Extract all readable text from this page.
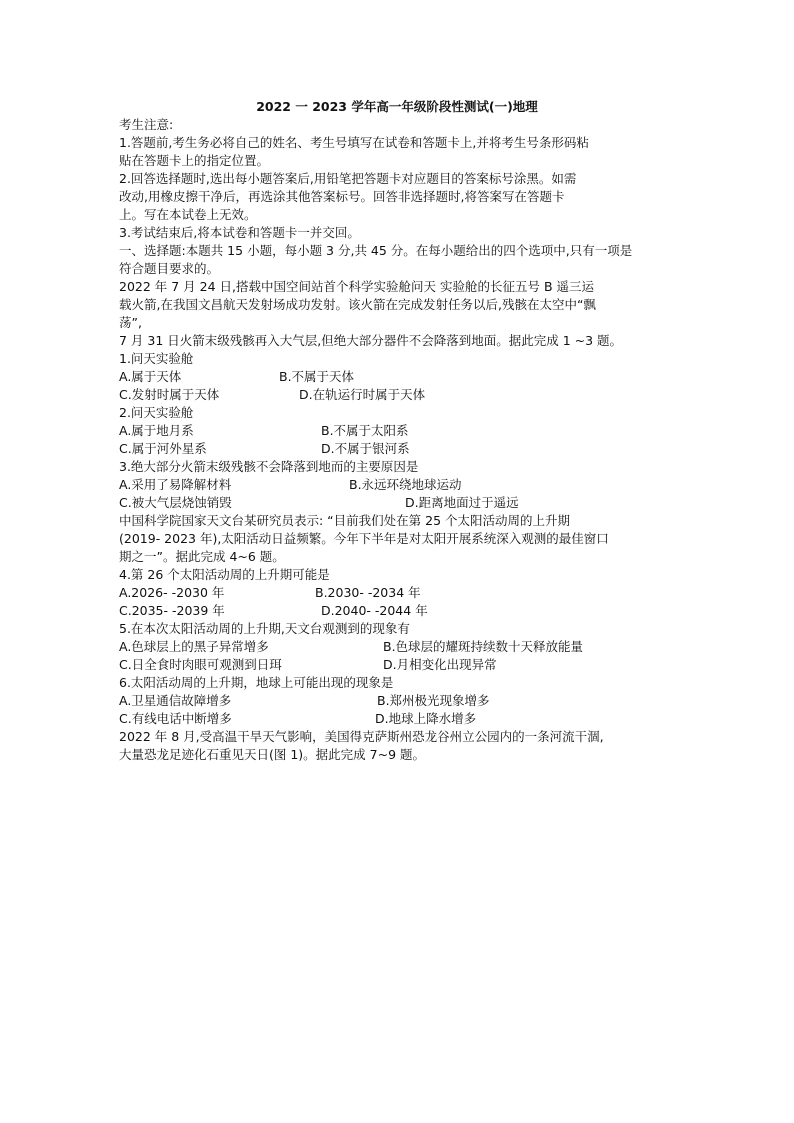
2022 一 2023 学年高一年级阶段性测试(一)地理
考生注意:
1.答题前,考生务必将自己的姓名、考生号填写在试卷和答题卡上,并将考生号条形码粘
贴在答题卡上的指定位置。
2.回答选择题时,选出每小题答案后,用铅笔把答题卡对应题目的答案标号涂黑。如需
改动,用橡皮擦干净后，再选涂其他答案标号。回答非选择题时,将答案写在答题卡
上。写在本试卷上无效。
3.考试结束后,将本试卷和答题卡一并交回。
一、选择题:本题共 15 小题，每小题 3 分,共 45 分。在每小题给出的四个选项中,只有一项是
符合题目要求的。
2022 年 7 月 24 日,搭载中国空间站首个科学实验舱问天 实验舱的长征五号 B 遥三运
载火箭,在我国文昌航天发射场成功发射。该火箭在完成发射任务以后,残骸在太空中“飘
荡”,
7 月 31 日火箭末级残骸再入大气层,但绝大部分器件不会降落到地面。据此完成 1 ~3 题。
1.问天实验舱
A.属于天体	B.不属于天体
C.发射时属于天体	D.在轨运行时属于天体
2.问天实验舱
A.属于地月系	B.不属于太阳系
C.属于河外星系	D.不属于银河系
3.绝大部分火箭末级残骸不会降落到地而的主要原因是
A.采用了易降解材料	B.永远环绕地球运动
C.被大气层烧蚀销毁	D.距离地面过于遥远
中国科学院国家天文台某研究员表示: “目前我们处在第 25 个太阳活动周的上升期
(2019- 2023 年),太阳活动日益频繁。今年下半年是对太阳开展系统深入观测的最佳窗口
期之一”。据此完成 4~6 题。
4.第 26 个太阳活动周的上升期可能是
A.2026- -2030 年	B.2030- -2034 年
C.2035- -2039 年	D.2040- -2044 年
5.在本次太阳活动周的上升期,天文台观测到的现象有
A.色球层上的黑子异常增多	B.色球层的耀斑持续数十天释放能量
C.日全食时肉眼可观测到日珥	D.月相变化出现异常
6.太阳活动周的上升期，地球上可能出现的现象是
A.卫星通信故障增多	B.郑州极光现象增多
C.有线电话中断增多	D.地球上降水增多
2022 年 8 月,受高温干旱天气影响，美国得克萨斯州恐龙谷州立公园内的一条河流干涸,
大量恐龙足迹化石重见天日(图 1)。据此完成 7~9 题。
